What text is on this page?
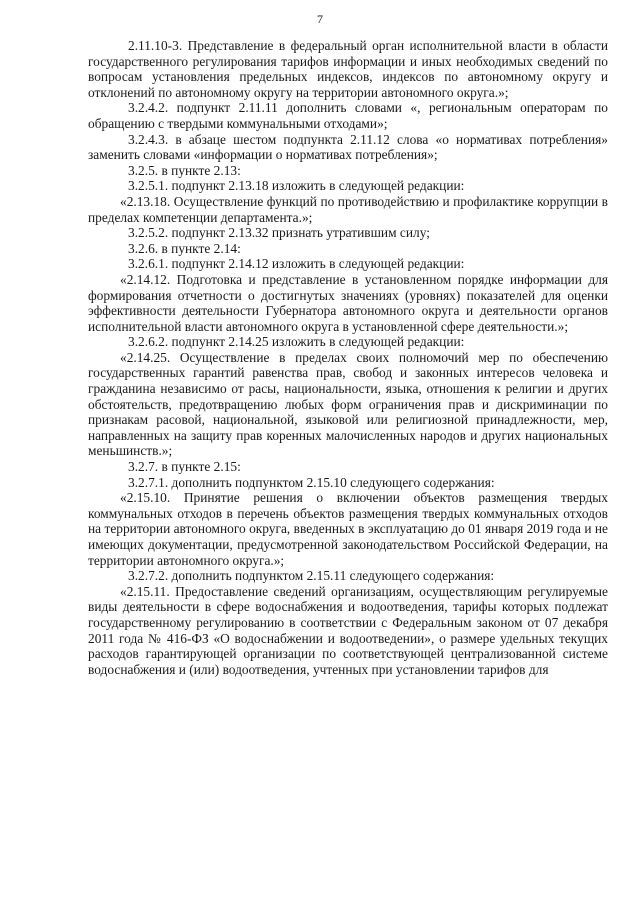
7

2.11.10-3. Представление в федеральный орган исполнительной власти в области государственного регулирования тарифов информации и иных необходимых сведений по вопросам установления предельных индексов, индексов по автономному округу и отклонений по автономному округу на территории автономного округа.»;

3.2.4.2. подпункт 2.11.11 дополнить словами «, региональным операторам по обращению с твердыми коммунальными отходами»;

3.2.4.3. в абзаце шестом подпункта 2.11.12 слова «о нормативах потребления» заменить словами «информации о нормативах потребления»;

3.2.5. в пункте 2.13:

3.2.5.1. подпункт 2.13.18 изложить в следующей редакции:

«2.13.18. Осуществление функций по противодействию и профилактике коррупции в пределах компетенции департамента.»;

3.2.5.2. подпункт 2.13.32 признать утратившим силу;

3.2.6. в пункте 2.14:

3.2.6.1. подпункт 2.14.12 изложить в следующей редакции:

«2.14.12. Подготовка и представление в установленном порядке информации для формирования отчетности о достигнутых значениях (уровнях) показателей для оценки эффективности деятельности Губернатора автономного округа и деятельности органов исполнительной власти автономного округа в установленной сфере деятельности.»;

3.2.6.2. подпункт 2.14.25 изложить в следующей редакции:

«2.14.25. Осуществление в пределах своих полномочий мер по обеспечению государственных гарантий равенства прав, свобод и законных интересов человека и гражданина независимо от расы, национальности, языка, отношения к религии и других обстоятельств, предотвращению любых форм ограничения прав и дискриминации по признакам расовой, национальной, языковой или религиозной принадлежности, мер, направленных на защиту прав коренных малочисленных народов и других национальных меньшинств.»;

3.2.7. в пункте 2.15:

3.2.7.1. дополнить подпунктом 2.15.10 следующего содержания:

«2.15.10. Принятие решения о включении объектов размещения твердых коммунальных отходов в перечень объектов размещения твердых коммунальных отходов на территории автономного округа, введенных в эксплуатацию до 01 января 2019 года и не имеющих документации, предусмотренной законодательством Российской Федерации, на территории автономного округа.»;

3.2.7.2. дополнить подпунктом 2.15.11 следующего содержания:

«2.15.11. Предоставление сведений организациям, осуществляющим регулируемые виды деятельности в сфере водоснабжения и водоотведения, тарифы которых подлежат государственному регулированию в соответствии с Федеральным законом от 07 декабря 2011 года № 416-ФЗ «О водоснабжении и водоотведении», о размере удельных текущих расходов гарантирующей организации по соответствующей централизованной системе водоснабжения и (или) водоотведения, учтенных при установлении тарифов для
